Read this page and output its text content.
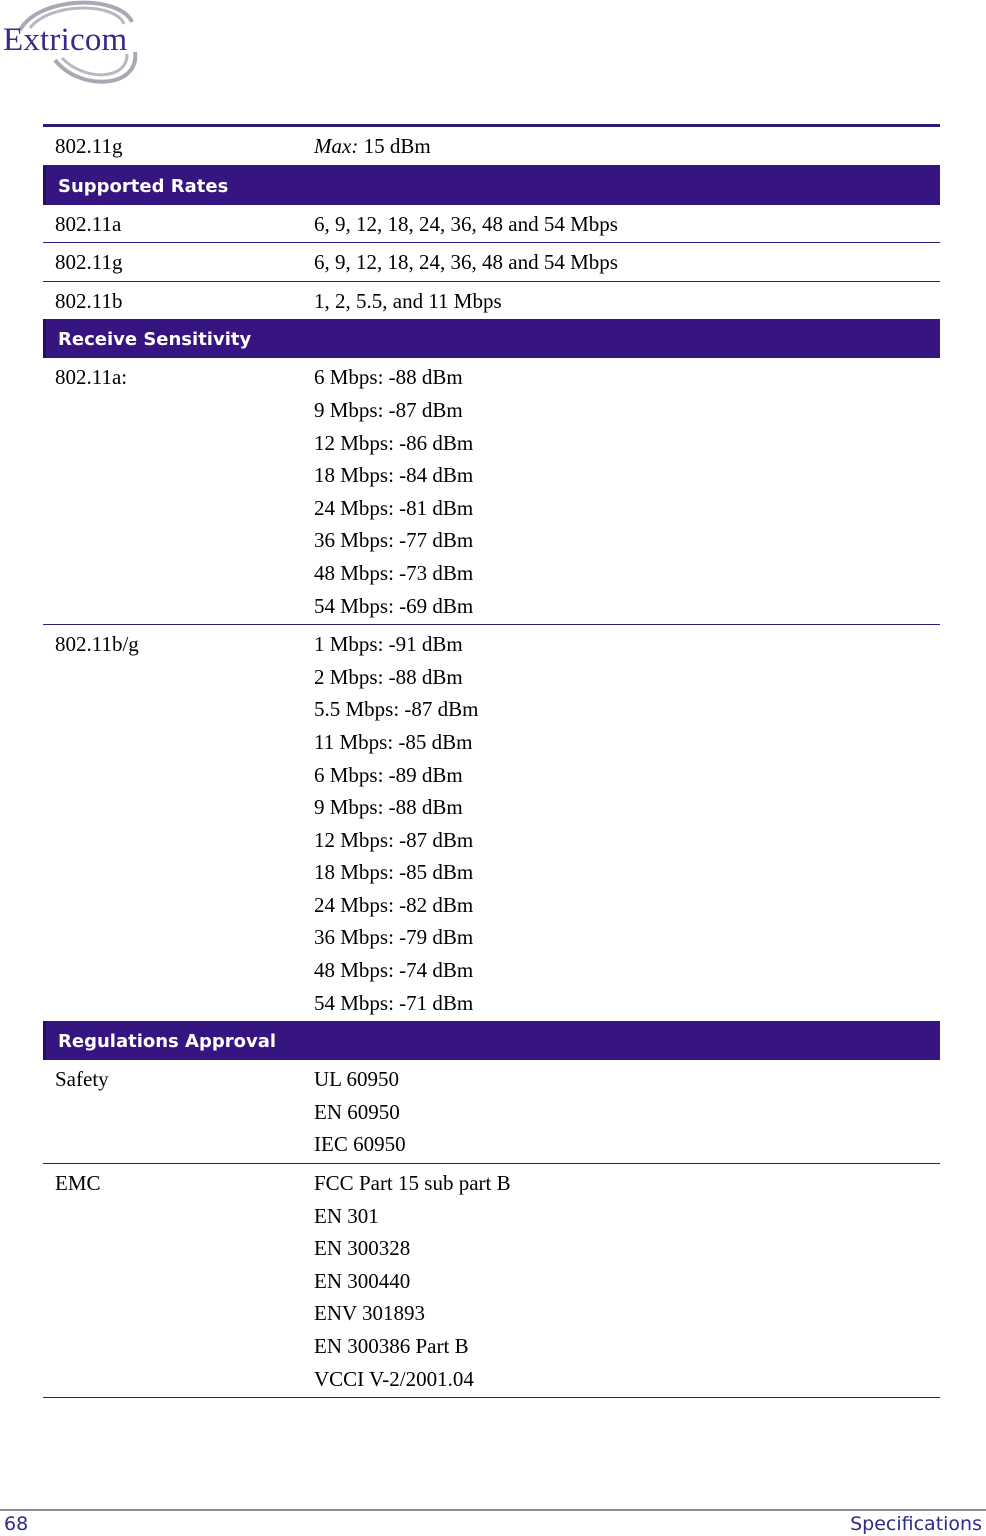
Extricom
802.11g	Max: 15 dBm
Supported Rates
802.11a	6, 9, 12, 18, 24, 36, 48 and 54 Mbps
802.11g	6, 9, 12, 18, 24, 36, 48 and 54 Mbps
802.11b	1, 2, 5.5, and 11 Mbps
Receive Sensitivity
802.11a:	6 Mbps: -88 dBm
9 Mbps: -87 dBm
12 Mbps: -86 dBm
18 Mbps: -84 dBm
24 Mbps: -81 dBm
36 Mbps: -77 dBm
48 Mbps: -73 dBm
54 Mbps: -69 dBm
802.11b/g	1 Mbps: -91 dBm
2 Mbps: -88 dBm
5.5 Mbps: -87 dBm
11 Mbps: -85 dBm
6 Mbps: -89 dBm
9 Mbps: -88 dBm
12 Mbps: -87 dBm
18 Mbps: -85 dBm
24 Mbps: -82 dBm
36 Mbps: -79 dBm
48 Mbps: -74 dBm
54 Mbps: -71 dBm
Regulations Approval
Safety	UL 60950
EN 60950
IEC 60950
EMC	FCC Part 15 sub part B
EN 301
EN 300328
EN 300440
ENV 301893
EN 300386 Part B
VCCI V-2/2001.04
68	Specifications
